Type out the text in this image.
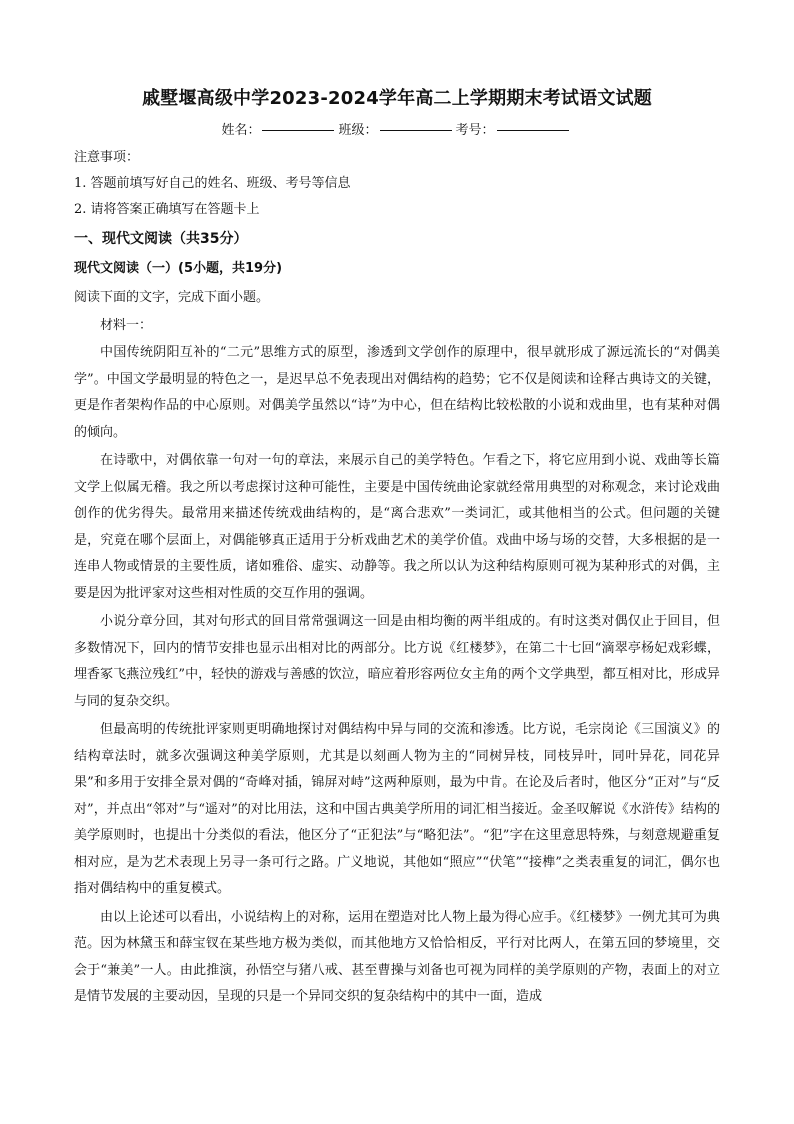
戚墅堰高级中学2023-2024学年高二上学期期末考试语文试题
姓名：	班级：	考号：
注意事项：
1. 答题前填写好自己的姓名、班级、考号等信息
2. 请将答案正确填写在答题卡上
一、现代文阅读（共35分）
现代文阅读（一）(5小题，共19分)
阅读下面的文字，完成下面小题。
材料一：

中国传统阴阳互补的“二元”思维方式的原型，渗透到文学创作的原理中，很早就形成了源远流长的“对偶美学”。中国文学最明显的特色之一，是迟早总不免表现出对偶结构的趋势；它不仅是阅读和诠释古典诗文的关键，更是作者架构作品的中心原则。对偶美学虽然以“诗”为中心，但在结构比较松散的小说和戏曲里，也有某种对偶的倾向。

在诗歌中，对偶依靠一句对一句的章法，来展示自己的美学特色。乍看之下，将它应用到小说、戏曲等长篇文学上似属无稽。我之所以考虑探讨这种可能性，主要是中国传统曲论家就经常用典型的对称观念，来讨论戏曲创作的优劣得失。最常用来描述传统戏曲结构的，是“离合悲欢”一类词汇，或其他相当的公式。但问题的关键是，究竟在哪个层面上，对偶能够真正适用于分析戏曲艺术的美学价值。戏曲中场与场的交替，大多根据的是一连串人物或情景的主要性质，诸如雅俗、虚实、动静等。我之所以认为这种结构原则可视为某种形式的对偶，主要是因为批评家对这些相对性质的交互作用的强调。

小说分章分回，其对句形式的回目常常强调这一回是由相均衡的两半组成的。有时这类对偶仅止于回目，但多数情况下，回内的情节安排也显示出相对比的两部分。比方说《红楼梦》，在第二十七回“滴翠亭杨妃戏彩蝶，埋香冢飞燕泣残红”中，轻快的游戏与善感的饮泣，暗应着形容两位女主角的两个文学典型，都互相对比，形成异与同的复杂交织。

但最高明的传统批评家则更明确地探讨对偶结构中异与同的交流和渗透。比方说，毛宗岗论《三国演义》的结构章法时，就多次强调这种美学原则，尤其是以刻画人物为主的“同树异枝，同枝异叶，同叶异花，同花异果”和多用于安排全景对偶的“奇峰对插，锦屏对峙”这两种原则，最为中肯。在论及后者时，他区分“正对”与“反对”，并点出“邻对”与“遥对”的对比用法，这和中国古典美学所用的词汇相当接近。金圣叹解说《水浒传》结构的美学原则时，也提出十分类似的看法，他区分了“正犯法”与“略犯法”。“犯”字在这里意思特殊，与刻意规避重复相对应，是为艺术表现上另寻一条可行之路。广义地说，其他如“照应”“伏笔”“接榫”之类表重复的词汇，偶尔也指对偶结构中的重复模式。

由以上论述可以看出，小说结构上的对称，运用在塑造对比人物上最为得心应手。《红楼梦》一例尤其可为典范。因为林黛玉和薛宝钗在某些地方极为类似，而其他地方又恰恰相反，平行对比两人，在第五回的梦境里，交会于“兼美”一人。由此推演，孙悟空与猪八戒、甚至曹操与刘备也可视为同样的美学原则的产物，表面上的对立是情节发展的主要动因，呈现的只是一个异同交织的复杂结构中的其中一面，造成
